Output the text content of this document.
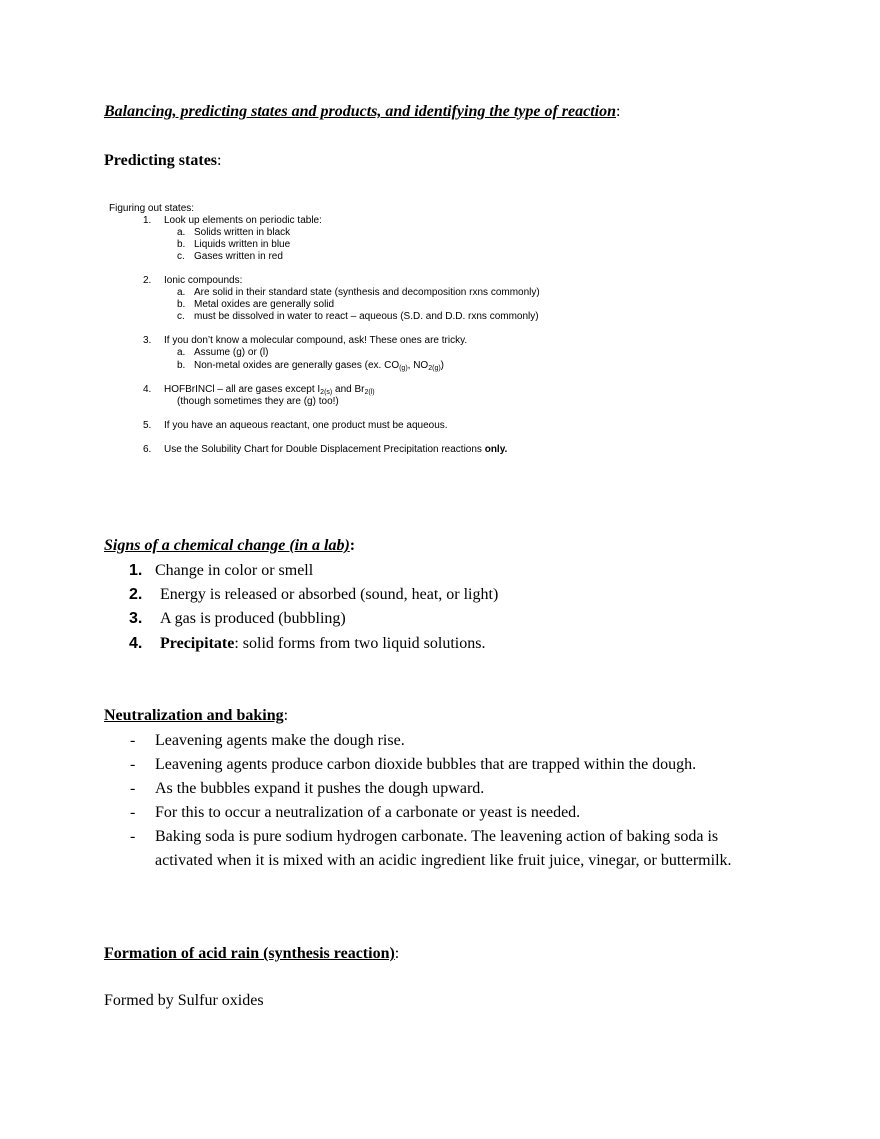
Balancing, predicting states and products, and identifying the type of reaction:
Predicting states:
Figuring out states:
1. Look up elements on periodic table:
a. Solids written in black
b. Liquids written in blue
c. Gases written in red
2. Ionic compounds:
a. Are solid in their standard state (synthesis and decomposition rxns commonly)
b. Metal oxides are generally solid
c. must be dissolved in water to react – aqueous (S.D. and D.D. rxns commonly)
3. If you don’t know a molecular compound, ask! These ones are tricky.
a. Assume (g) or (l)
b. Non-metal oxides are generally gases (ex. $CO_{(g)}$, $NO_{2(g)}$)
4. HOFBrINCl – all are gases except $I_{2(s)}$ and $Br_{2(l)}$
(though sometimes they are (g) too!)
5. If you have an aqueous reactant, one product must be aqueous.
6. Use the Solubility Chart for Double Displacement Precipitation reactions only.
Signs of a chemical change (in a lab):
1. Change in color or smell
2. Energy is released or absorbed (sound, heat, or light)
3. A gas is produced (bubbling)
4. Precipitate: solid forms from two liquid solutions.
Neutralization and baking:
- Leavening agents make the dough rise.
- Leavening agents produce carbon dioxide bubbles that are trapped within the dough.
- As the bubbles expand it pushes the dough upward.
- For this to occur a neutralization of a carbonate or yeast is needed.
- Baking soda is pure sodium hydrogen carbonate. The leavening action of baking soda is activated when it is mixed with an acidic ingredient like fruit juice, vinegar, or buttermilk.
Formation of acid rain (synthesis reaction):
Formed by Sulfur oxides
